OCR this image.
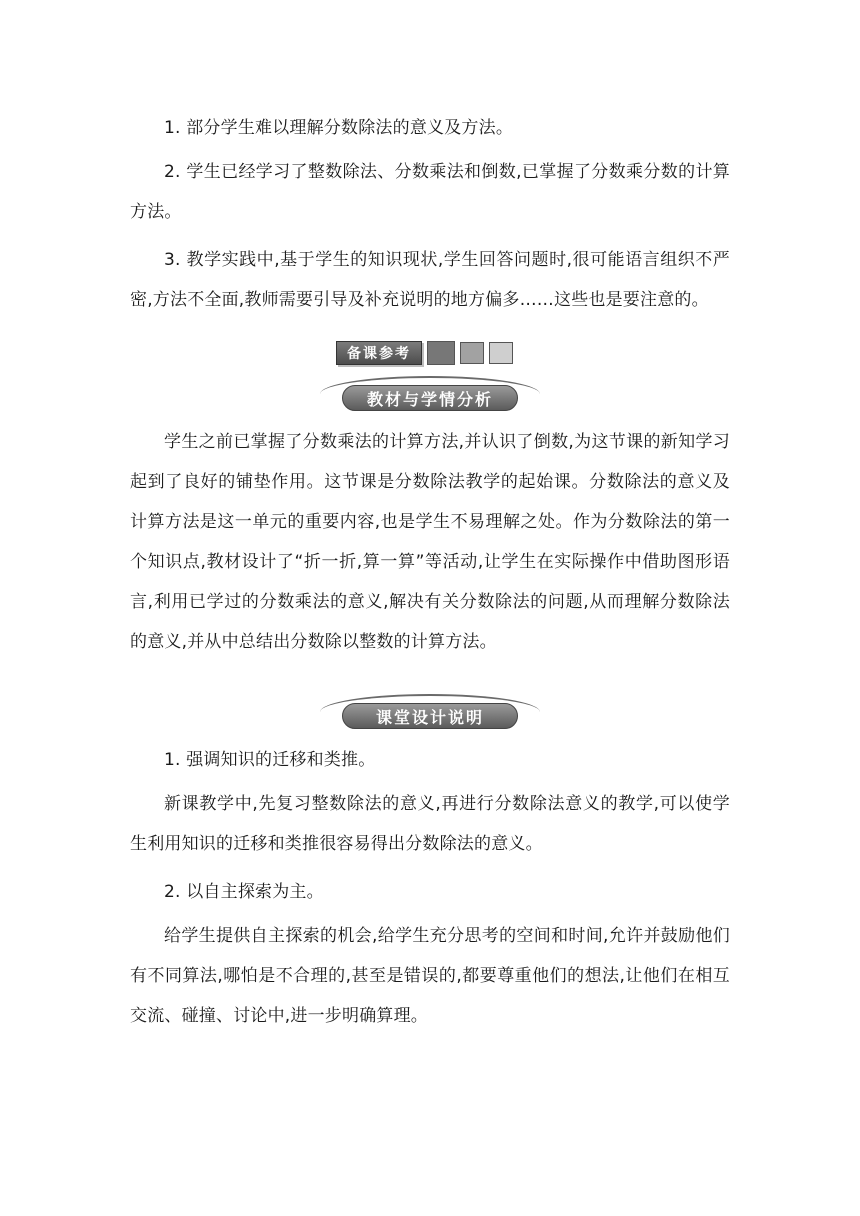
1. 部分学生难以理解分数除法的意义及方法。

2. 学生已经学习了整数除法、分数乘法和倒数,已掌握了分数乘分数的计算方法。

3. 教学实践中,基于学生的知识现状,学生回答问题时,很可能语言组织不严密,方法不全面,教师需要引导及补充说明的地方偏多……这些也是要注意的。

备课参考
教材与学情分析

学生之前已掌握了分数乘法的计算方法,并认识了倒数,为这节课的新知学习起到了良好的铺垫作用。这节课是分数除法教学的起始课。分数除法的意义及计算方法是这一单元的重要内容,也是学生不易理解之处。作为分数除法的第一个知识点,教材设计了“折一折,算一算”等活动,让学生在实际操作中借助图形语言,利用已学过的分数乘法的意义,解决有关分数除法的问题,从而理解分数除法的意义,并从中总结出分数除以整数的计算方法。

课堂设计说明

1. 强调知识的迁移和类推。

新课教学中,先复习整数除法的意义,再进行分数除法意义的教学,可以使学生利用知识的迁移和类推很容易得出分数除法的意义。

2. 以自主探索为主。

给学生提供自主探索的机会,给学生充分思考的空间和时间,允许并鼓励他们有不同算法,哪怕是不合理的,甚至是错误的,都要尊重他们的想法,让他们在相互交流、碰撞、讨论中,进一步明确算理。
